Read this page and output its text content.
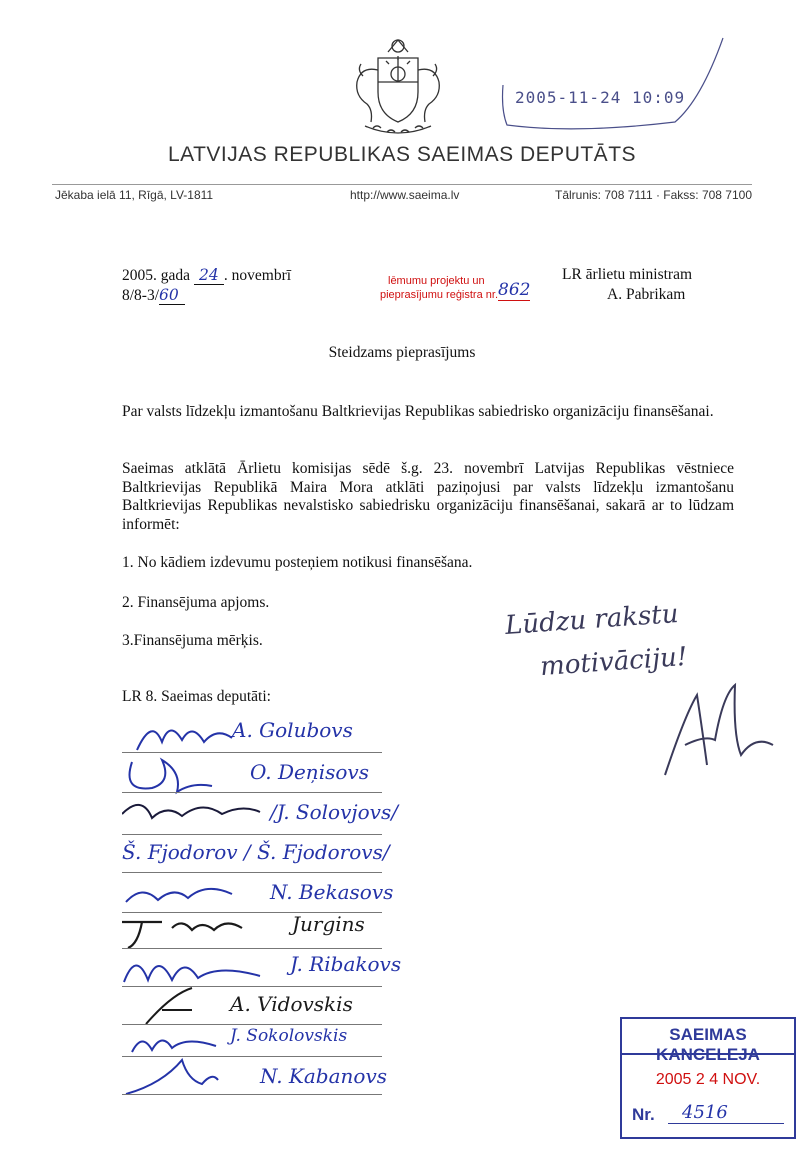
2005-11-24 10:09
LATVIJAS REPUBLIKAS SAEIMAS DEPUTĀTS
Jēkaba ielā 11, Rīgā, LV-1811	http://www.saeima.lv	Tālrunis: 708 7111 · Fakss: 708 7100
2005. gada 24 . novembrī
8/8-3/60
lēmumu projektu un
pieprasījumu reģistra nr. 862
LR ārlietu ministram
A. Pabrikam
Steidzams pieprasījums
Par valsts līdzekļu izmantošanu Baltkrievijas Republikas sabiedrisko organizāciju finansēšanai.
Saeimas atklātā Ārlietu komisijas sēdē š.g. 23. novembrī Latvijas Republikas vēstniece Baltkrievijas Republikā Maira Mora atklāti paziņojusi par valsts līdzekļu izmantošanu Baltkrievijas Republikas nevalstisko sabiedrisku organizāciju finansēšanai, sakarā ar to lūdzam informēt:
1. No kādiem izdevumu posteņiem notikusi finansēšana.
2. Finansējuma apjoms.
3.Finansējuma mērķis.
LR 8. Saeimas deputāti:
Lūdzu rakstu
motivāciju!
A. Golubovs
O. Deņisovs
/J. Solovjovs/
Š. Fjodorov / Š. Fjodorovs/
N. Bekasovs
Jurgins
J. Ribakovs
A. Vidovskis
J. Sokolovskis
N. Kabanovs
SAEIMAS KANCELEJA
2005 2 4 NOV.
Nr. 4516
